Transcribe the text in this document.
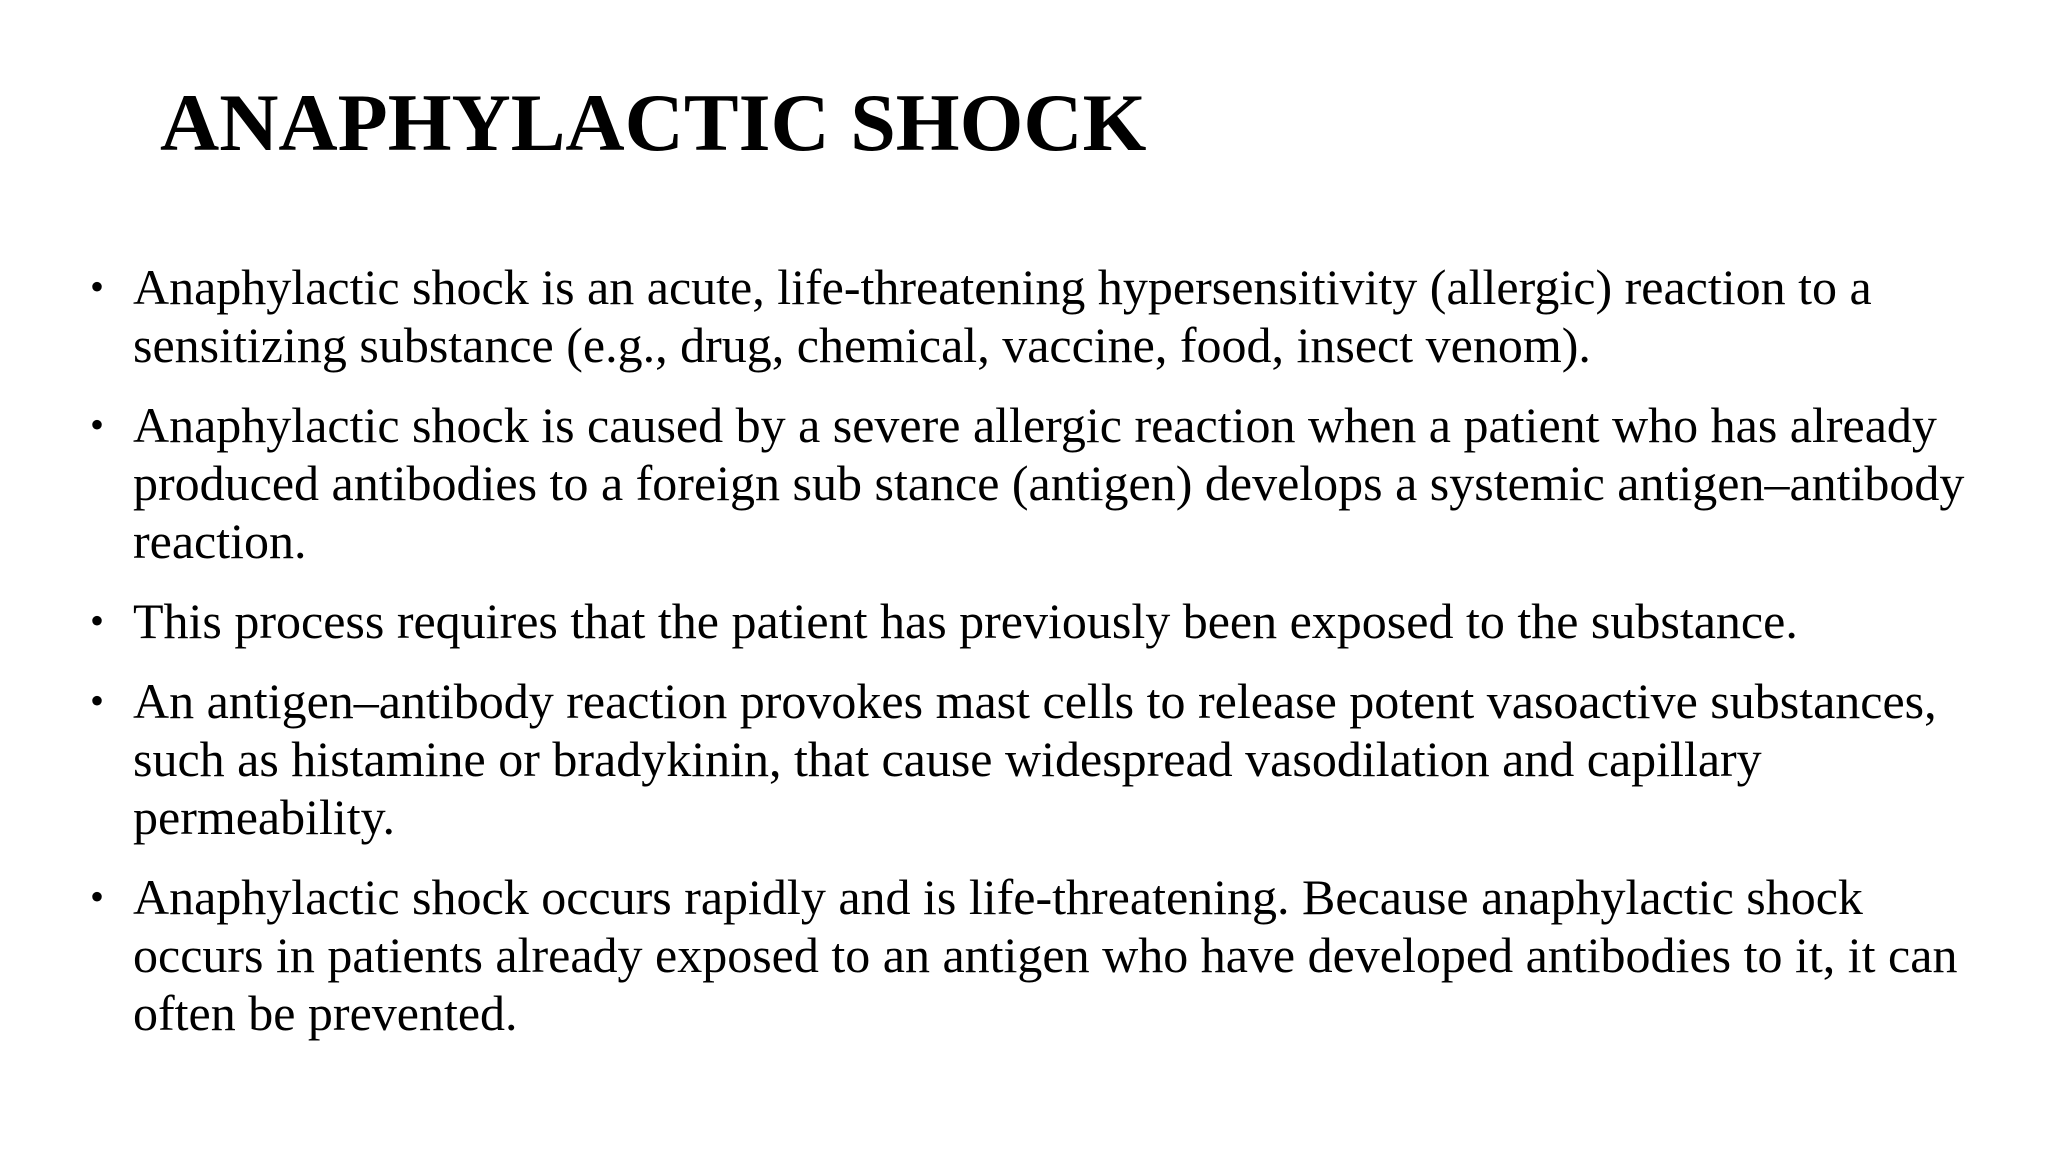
ANAPHYLACTIC SHOCK
• Anaphylactic shock is an acute, life-threatening hypersensitivity (allergic) reaction to a sensitizing substance (e.g., drug, chemical, vaccine, food, insect venom).
• Anaphylactic shock is caused by a severe allergic reaction when a patient who has already produced antibodies to a foreign sub stance (antigen) develops a systemic antigen–antibody reaction.
• This process requires that the patient has previously been exposed to the substance.
• An antigen–antibody reaction provokes mast cells to release potent vasoactive substances, such as histamine or bradykinin, that cause widespread vasodilation and capillary permeability.
• Anaphylactic shock occurs rapidly and is life-threatening. Because anaphylactic shock occurs in patients already exposed to an antigen who have developed antibodies to it, it can often be prevented.
